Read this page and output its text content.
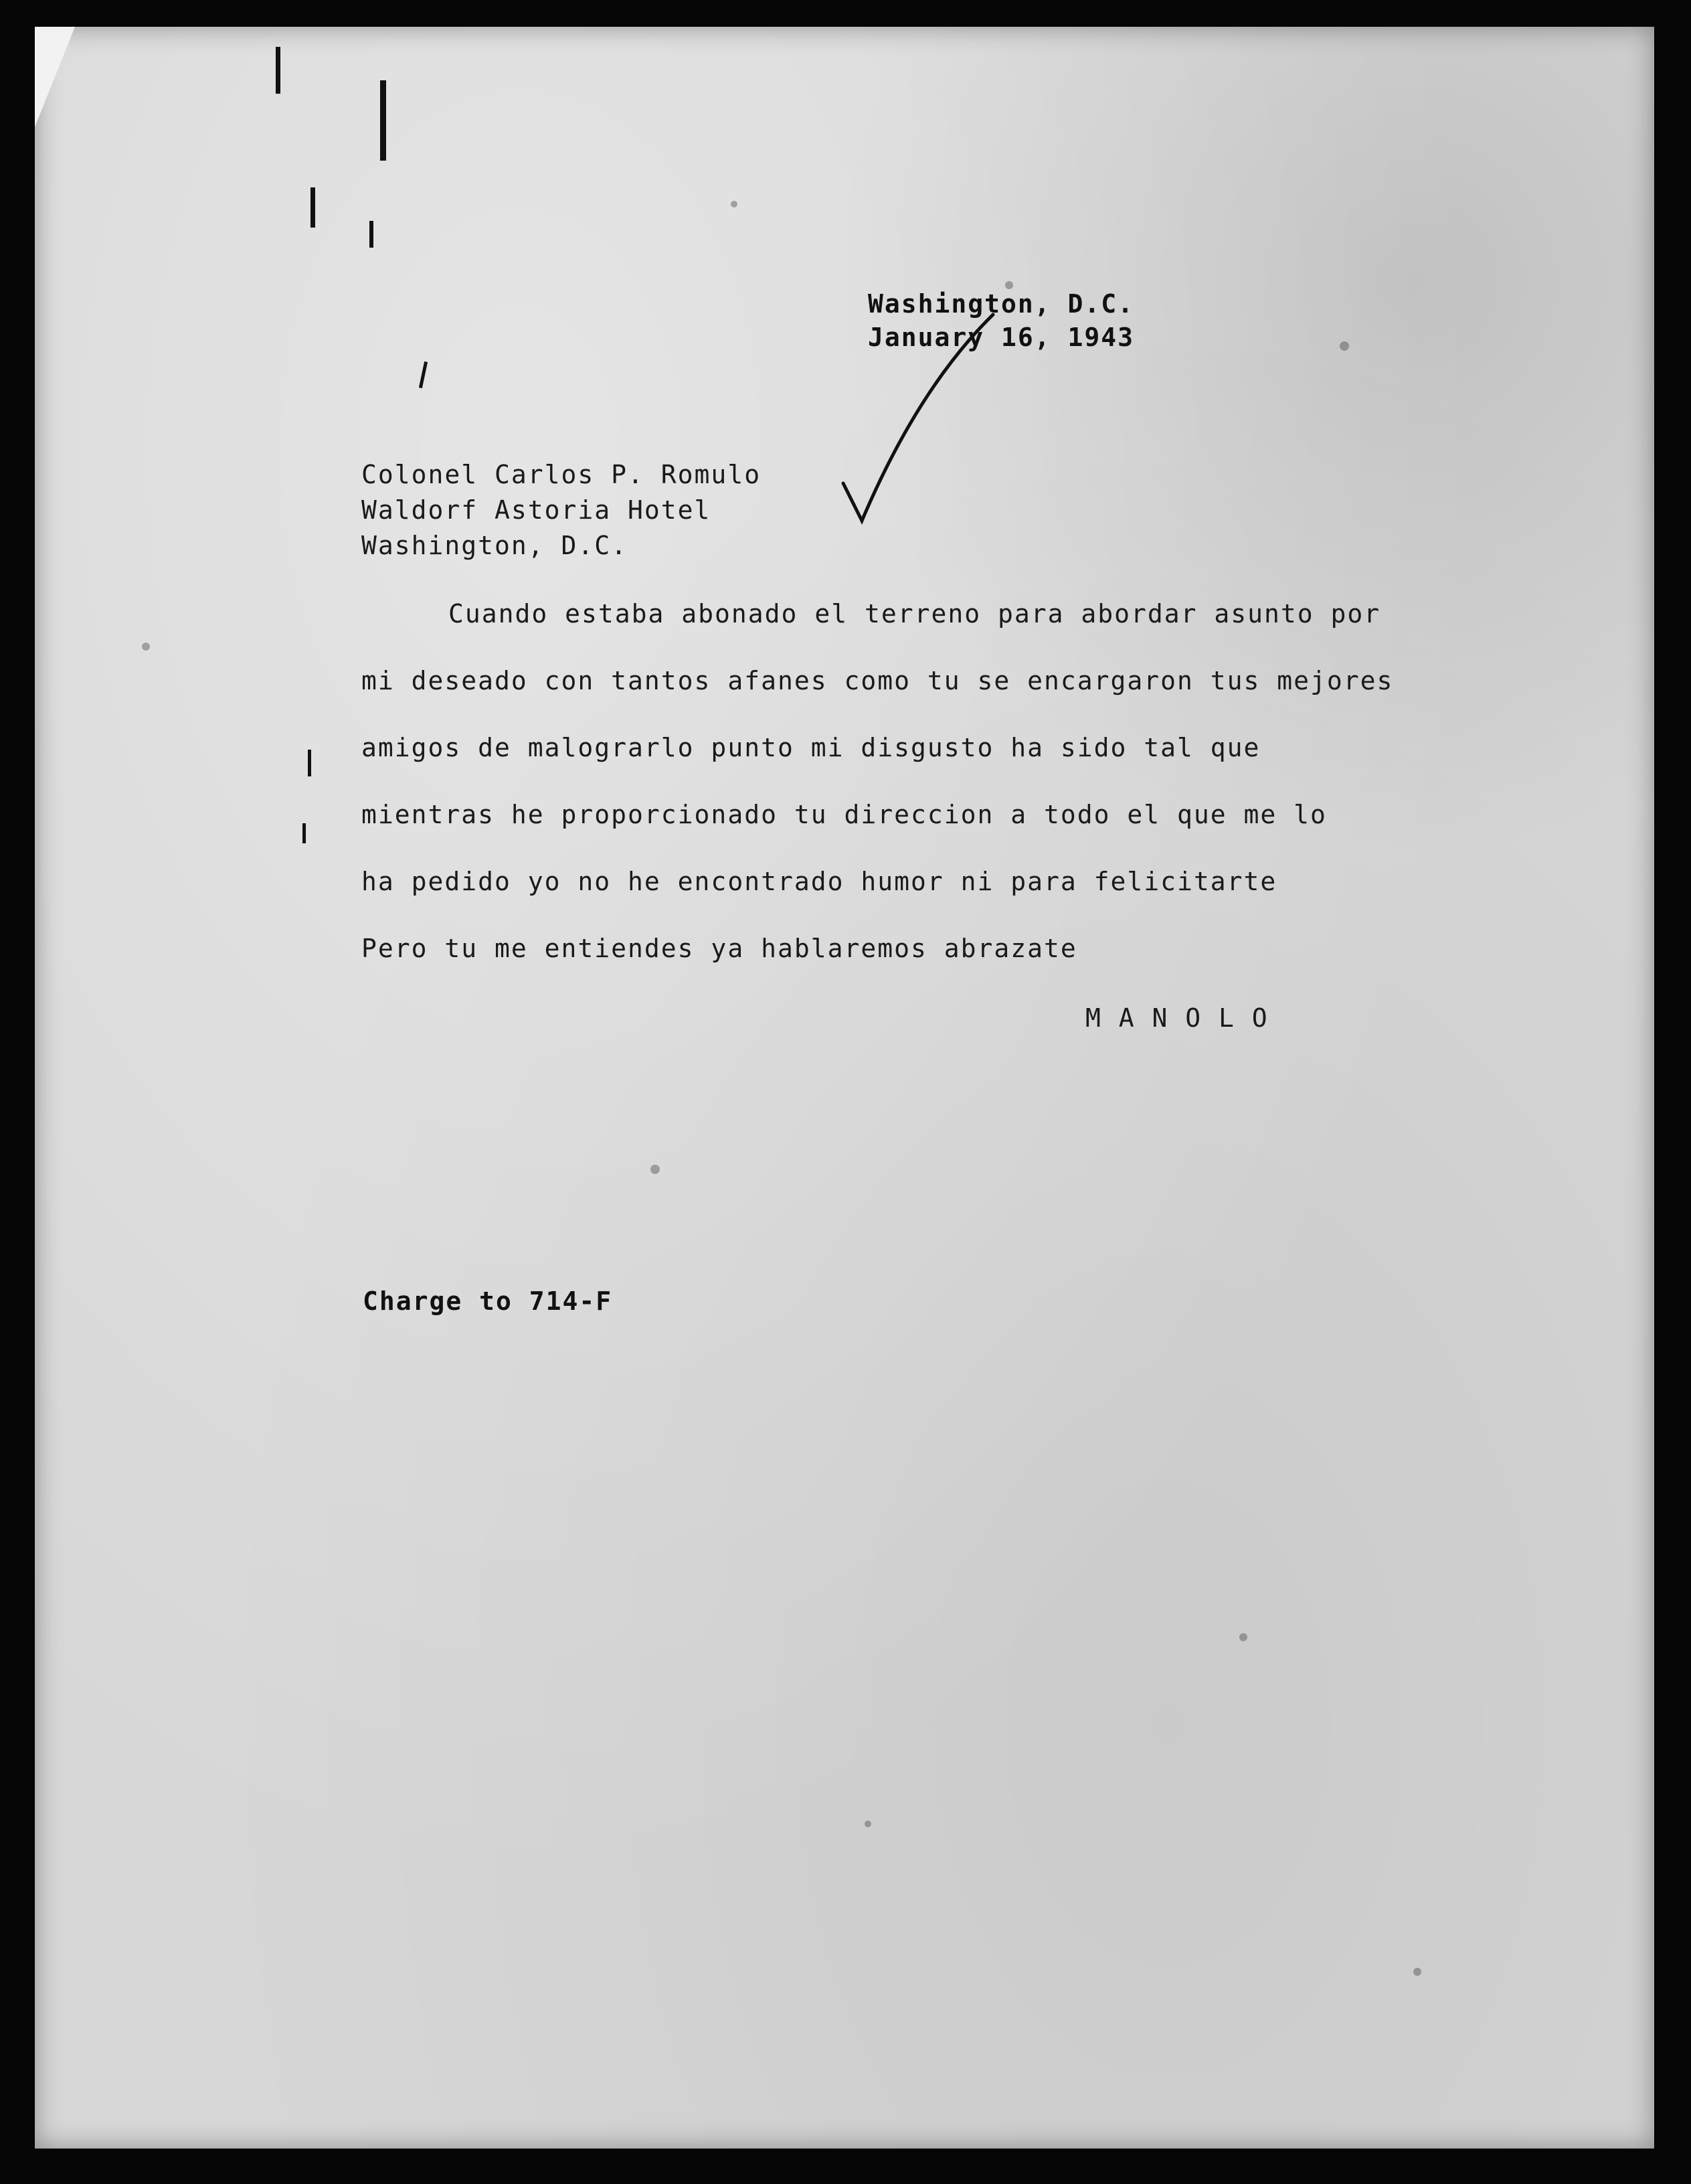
Washington, D.C.
January 16, 1943
Colonel Carlos P. Romulo
Waldorf Astoria Hotel
Washington, D.C.
Cuando estaba abonado el terreno para abordar asunto por
mi deseado con tantos afanes como tu se encargaron tus mejores
amigos de malograrlo punto mi disgusto ha sido tal que
mientras he proporcionado tu direccion a todo el que me lo
ha pedido yo no he encontrado humor ni para felicitarte
Pero tu me entiendes ya hablaremos abrazate
M A N O L O
Charge to 714-F
